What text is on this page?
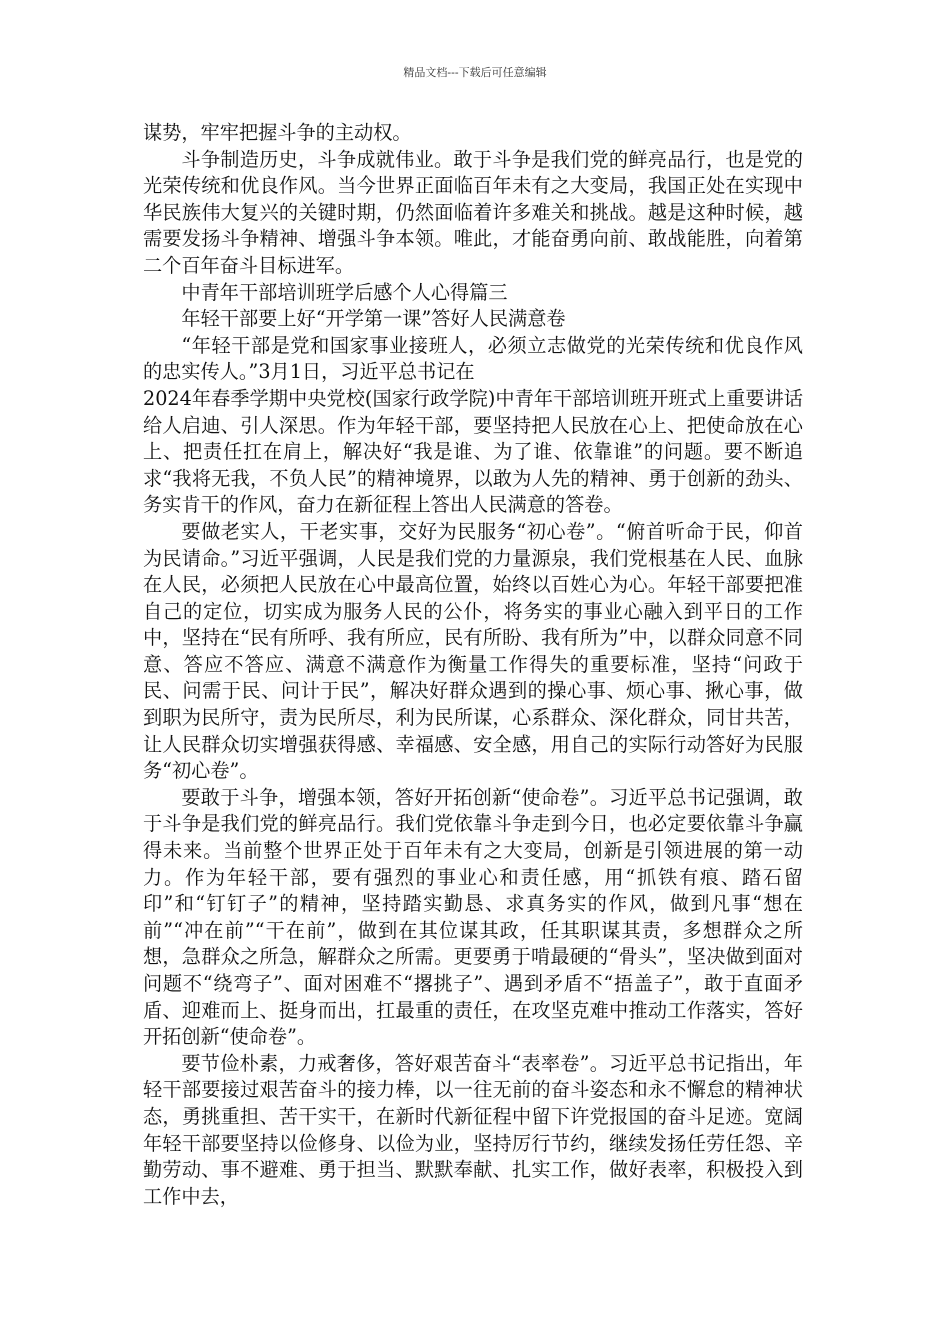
精品文档---下载后可任意编辑

谋势，牢牢把握斗争的主动权。

斗争制造历史，斗争成就伟业。敢于斗争是我们党的鲜亮品行，也是党的光荣传统和优良作风。当今世界正面临百年未有之大变局，我国正处在实现中华民族伟大复兴的关键时期，仍然面临着许多难关和挑战。越是这种时候，越需要发扬斗争精神、增强斗争本领。唯此，才能奋勇向前、敢战能胜，向着第二个百年奋斗目标进军。

中青年干部培训班学后感个人心得篇三

年轻干部要上好“开学第一课”答好人民满意卷

“年轻干部是党和国家事业接班人，必须立志做党的光荣传统和优良作风的忠实传人。”3月1日，习近平总书记在

2024年春季学期中央党校(国家行政学院)中青年干部培训班开班式上重要讲话给人启迪、引人深思。作为年轻干部，要坚持把人民放在心上、把使命放在心上、把责任扛在肩上，解决好“我是谁、为了谁、依靠谁”的问题。要不断追求“我将无我，不负人民”的精神境界，以敢为人先的精神、勇于创新的劲头、务实肯干的作风，奋力在新征程上答出人民满意的答卷。

要做老实人，干老实事，交好为民服务“初心卷”。“俯首听命于民，仰首为民请命。”习近平强调，人民是我们党的力量源泉，我们党根基在人民、血脉在人民，必须把人民放在心中最高位置，始终以百姓心为心。年轻干部要把准自己的定位，切实成为服务人民的公仆，将务实的事业心融入到平日的工作中，坚持在“民有所呼、我有所应，民有所盼、我有所为”中，以群众同意不同意、答应不答应、满意不满意作为衡量工作得失的重要标准，坚持“问政于民、问需于民、问计于民”，解决好群众遇到的操心事、烦心事、揪心事，做到职为民所守，责为民所尽，利为民所谋，心系群众、深化群众，同甘共苦，让人民群众切实增强获得感、幸福感、安全感，用自己的实际行动答好为民服务“初心卷”。

要敢于斗争，增强本领，答好开拓创新“使命卷”。习近平总书记强调，敢于斗争是我们党的鲜亮品行。我们党依靠斗争走到今日，也必定要依靠斗争赢得未来。当前整个世界正处于百年未有之大变局，创新是引领进展的第一动力。作为年轻干部，要有强烈的事业心和责任感，用“抓铁有痕、踏石留印”和“钉钉子”的精神，坚持踏实勤恳、求真务实的作风，做到凡事“想在前”“冲在前”“干在前”，做到在其位谋其政，任其职谋其责，多想群众之所想，急群众之所急，解群众之所需。更要勇于啃最硬的“骨头”，坚决做到面对问题不“绕弯子”、面对困难不“撂挑子”、遇到矛盾不“捂盖子”，敢于直面矛盾、迎难而上、挺身而出，扛最重的责任，在攻坚克难中推动工作落实，答好开拓创新“使命卷”。

要节俭朴素，力戒奢侈，答好艰苦奋斗“表率卷”。习近平总书记指出，年轻干部要接过艰苦奋斗的接力棒，以一往无前的奋斗姿态和永不懈怠的精神状态，勇挑重担、苦干实干，在新时代新征程中留下许党报国的奋斗足迹。宽阔年轻干部要坚持以俭修身、以俭为业，坚持厉行节约，继续发扬任劳任怨、辛勤劳动、事不避难、勇于担当、默默奉献、扎实工作，做好表率，积极投入到工作中去，
